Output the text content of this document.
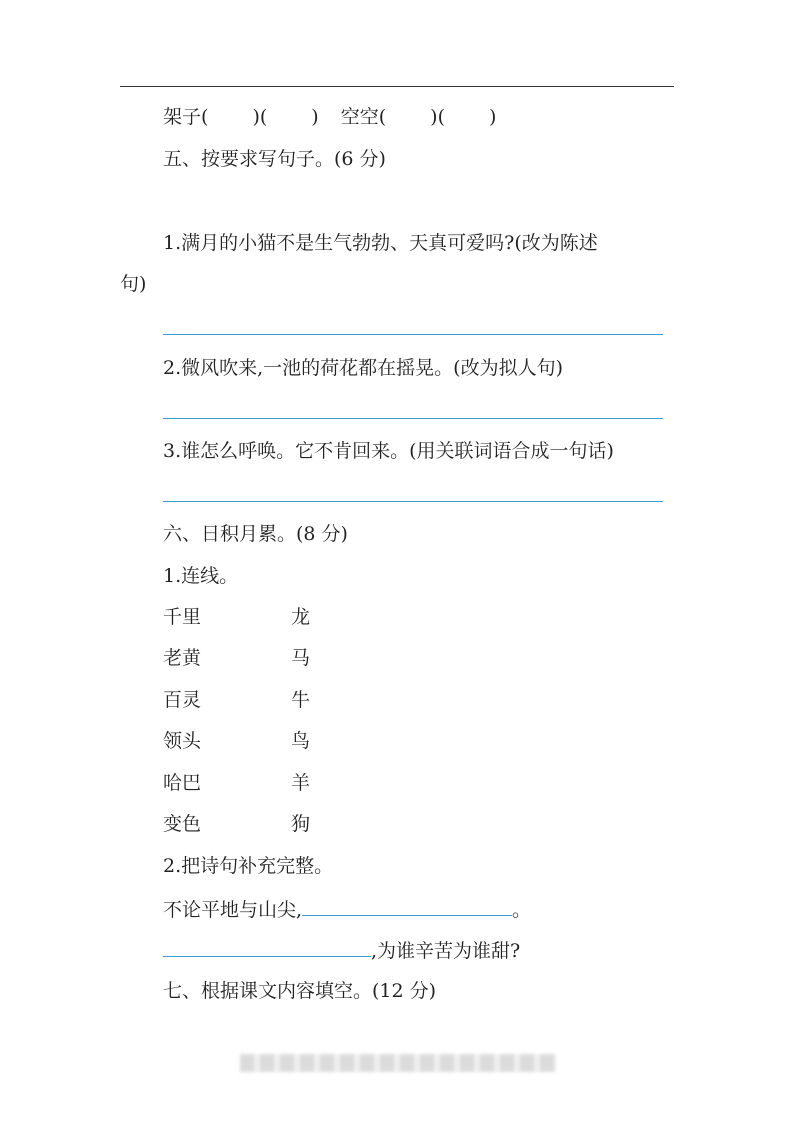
架子( )( ) 空空( )( )
五、按要求写句子。(6 分)
1.满月的小猫不是生气勃勃、天真可爱吗?(改为陈述
句)
2.微风吹来,一池的荷花都在摇晃。(改为拟人句)
3.谁怎么呼唤。它不肯回来。(用关联词语合成一句话)
六、日积月累。(8 分)
1.连线。
千里	龙
老黄	马
百灵	牛
领头	鸟
哈巴	羊
变色	狗
2.把诗句补充完整。
不论平地与山尖,	。
,为谁辛苦为谁甜?
七、根据课文内容填空。(12 分)
